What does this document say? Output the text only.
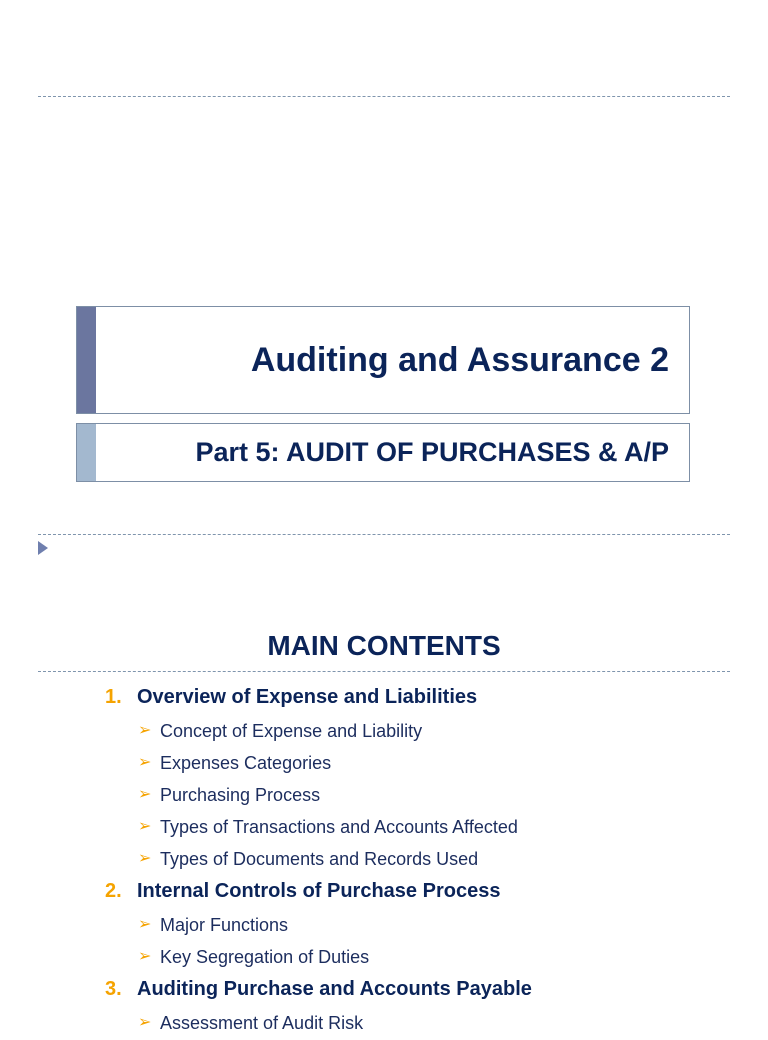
Auditing and Assurance 2
Part 5: AUDIT OF PURCHASES & A/P
MAIN CONTENTS
1. Overview of Expense and Liabilities
➢ Concept of Expense and Liability
➢ Expenses Categories
➢ Purchasing Process
➢ Types of Transactions and Accounts Affected
➢ Types of Documents and Records Used
2. Internal Controls of Purchase Process
➢ Major Functions
➢ Key Segregation of Duties
3. Auditing Purchase and Accounts Payable
➢ Assessment of Audit Risk
